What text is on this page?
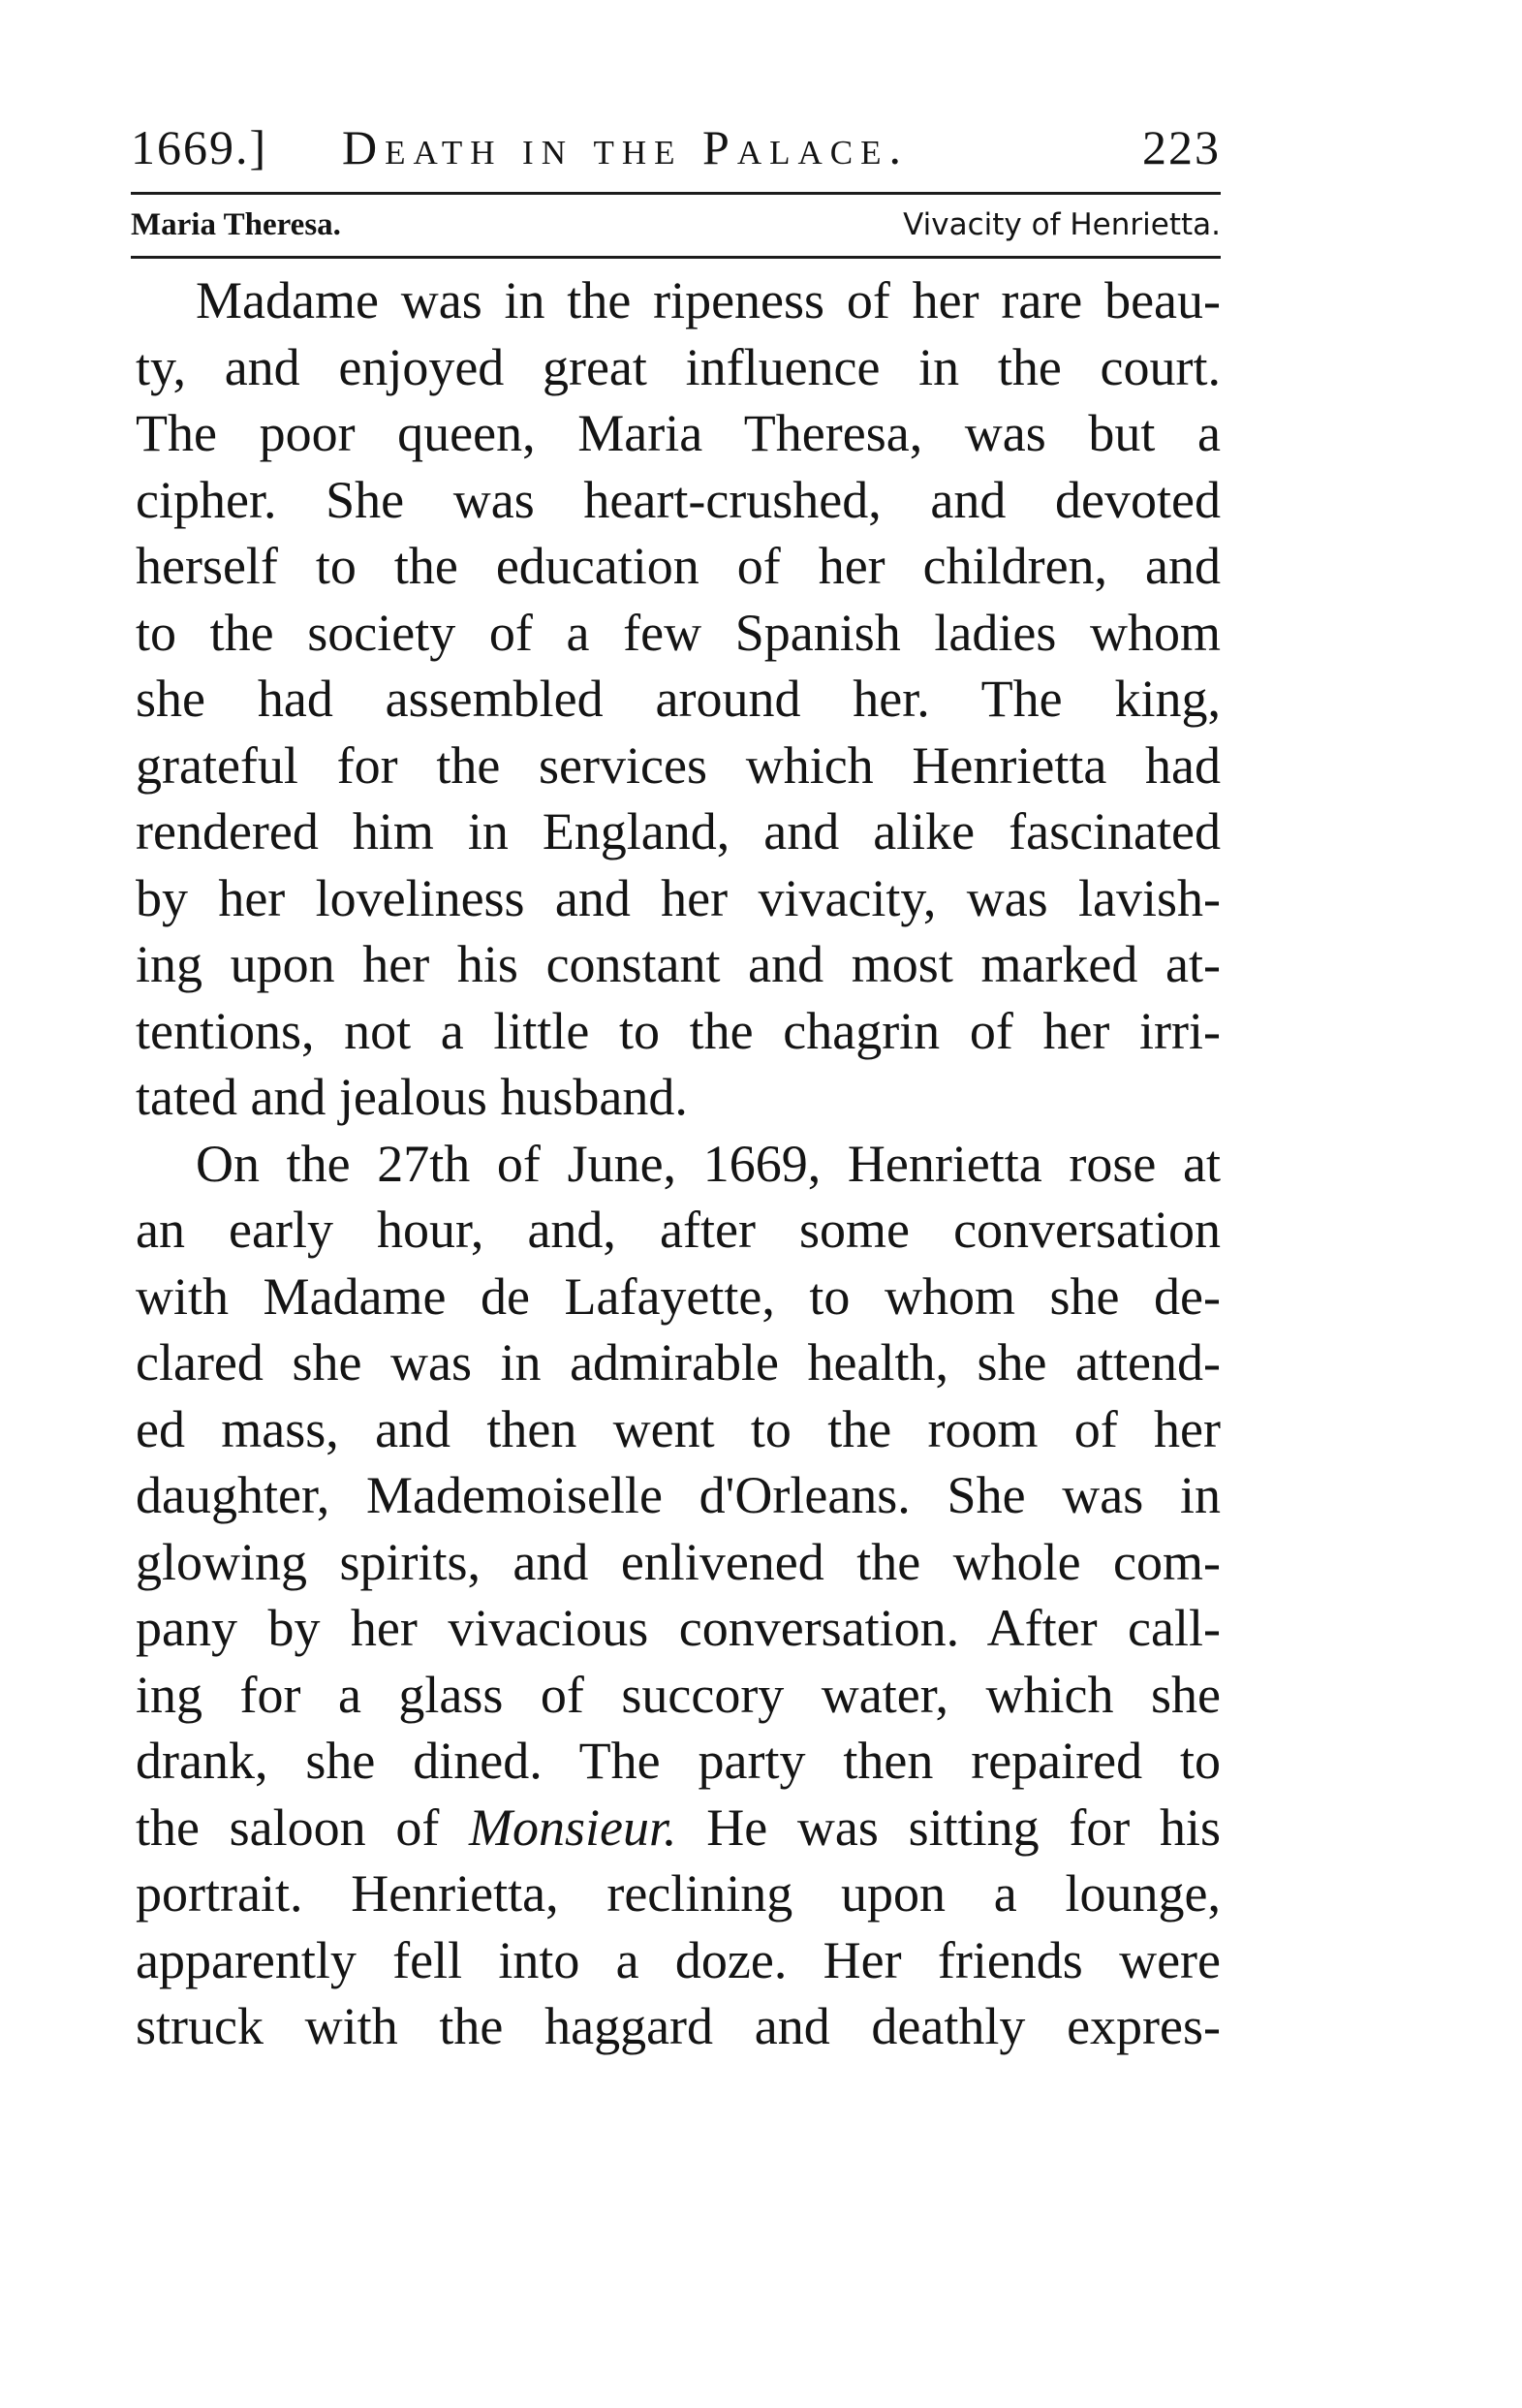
1669.] Death in the Palace.	223
Maria Theresa.	Vivacity of Henrietta.
Madame was in the ripeness of her rare beau-
ty, and enjoyed great influence in the court.
The poor queen, Maria Theresa, was but a
cipher. She was heart-crushed, and devoted
herself to the education of her children, and
to the society of a few Spanish ladies whom
she had assembled around her. The king,
grateful for the services which Henrietta had
rendered him in England, and alike fascinated
by her loveliness and her vivacity, was lavish-
ing upon her his constant and most marked at-
tentions, not a little to the chagrin of her irri-
tated and jealous husband.
On the 27th of June, 1669, Henrietta rose at
an early hour, and, after some conversation
with Madame de Lafayette, to whom she de-
clared she was in admirable health, she attend-
ed mass, and then went to the room of her
daughter, Mademoiselle d'Orleans. She was in
glowing spirits, and enlivened the whole com-
pany by her vivacious conversation. After call-
ing for a glass of succory water, which she
drank, she dined. The party then repaired to
the saloon of Monsieur. He was sitting for his
portrait. Henrietta, reclining upon a lounge,
apparently fell into a doze. Her friends were
struck with the haggard and deathly expres-
